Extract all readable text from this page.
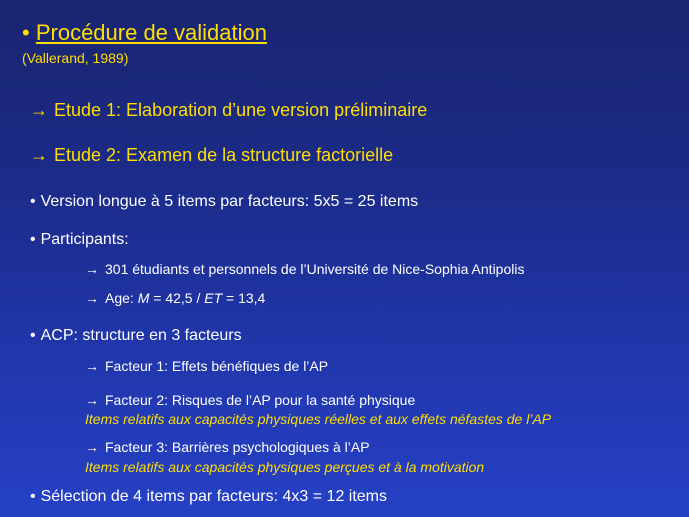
• Procédure de validation
(Vallerand, 1989)
→ Etude 1: Elaboration d’une version préliminaire
→ Etude 2: Examen de la structure factorielle
• Version longue à 5 items par facteurs: 5x5 = 25 items
• Participants:
→ 301 étudiants et personnels de l’Université de Nice-Sophia Antipolis
→ Age: M = 42,5 / ET = 13,4
• ACP: structure en 3 facteurs
→ Facteur 1: Effets bénéfiques de l’AP
→ Facteur 2: Risques de l’AP pour la santé physique
Items relatifs aux capacités physiques réelles et aux effets néfastes de l’AP
→ Facteur 3: Barrières psychologiques à l’AP
Items relatifs aux capacités physiques perçues et à la motivation
• Sélection de 4 items par facteurs: 4x3 = 12 items
